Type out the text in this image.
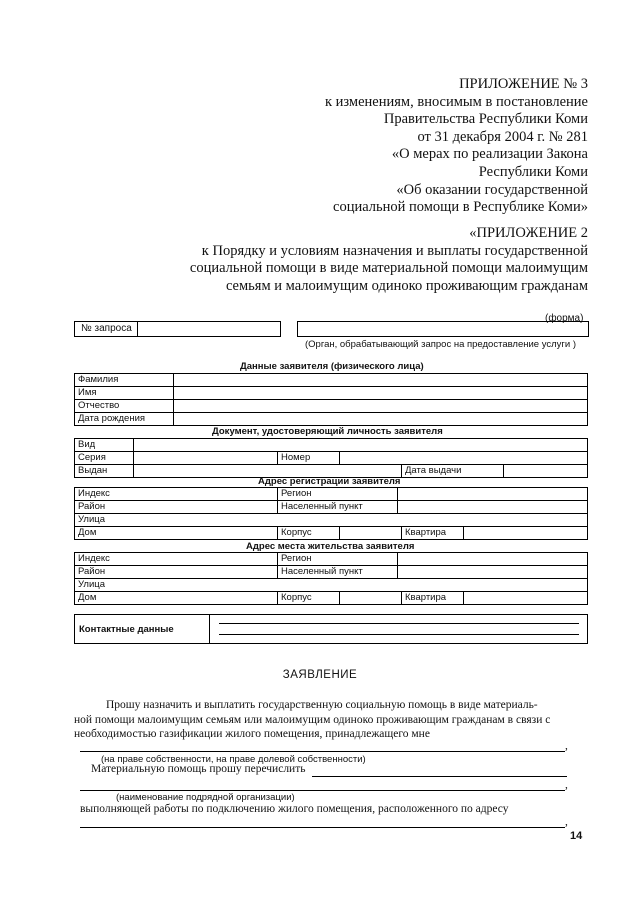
ПРИЛОЖЕНИЕ № 3
к изменениям, вносимым в постановление
Правительства Республики Коми
от 31 декабря 2004 г. № 281
«О мерах по реализации Закона
Республики Коми
«Об оказании государственной
социальной помощи в Республике Коми»
«ПРИЛОЖЕНИЕ 2
к Порядку и условиям назначения и выплаты государственной
социальной помощи в виде материальной помощи малоимущим
семьям и малоимущим одиноко проживающим гражданам
(форма)
№ запроса
(Орган, обрабатывающий запрос на предоставление услуги )
Данные заявителя (физического лица)
Фамилия
Имя
Отчество
Дата рождения
Документ, удостоверяющий личность заявителя
Вид
Серия	Номер
Выдан	Дата выдачи
Адрес регистрации заявителя
Индекс	Регион
Район	Населенный пункт
Улица
Дом	Корпус	Квартира
Адрес места жительства заявителя
Индекс	Регион
Район	Населенный пункт
Улица
Дом	Корпус	Квартира
Контактные данные
ЗАЯВЛЕНИЕ
Прошу назначить и выплатить государственную социальную помощь в виде материаль-
ной помощи малоимущим семьям или малоимущим одиноко проживающим гражданам в связи с
необходимостью газификации жилого помещения, принадлежащего мне
,
(на праве собственности, на праве долевой собственности)
Материальную помощь прошу перечислить
,
(наименование подрядной организации)
выполняющей работы по подключению жилого помещения, расположенного по адресу
,
14
